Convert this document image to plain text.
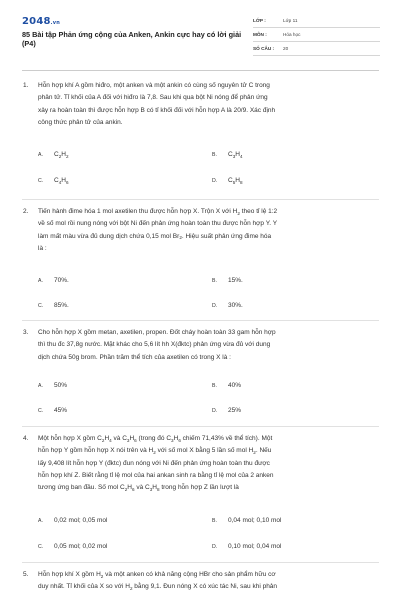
2048.vn
85 Bài tập Phản ứng cộng của Anken, Ankin cực hay có lời giải (P4)
LỚP :	Lớp 11
MÔN :	Hóa học
SỐ CÂU :	20
1. Hỗn hợp khí A gồm hiđro, một anken và một ankin có cùng số nguyên tử C trong
phân tử. Tỉ khối của A đối với hiđro là 7,8. Sau khi qua bột Ni nóng để phản ứng
xảy ra hoàn toàn thì được hỗn hợp B có tỉ khối đối với hỗn hợp A là 20/9. Xác định
công thức phân tử của ankin.
A. $C_2H_2$	B. $C_3H_4$
C. $C_4H_6$	D. $C_5H_8$
2. Tiến hành đime hóa 1 mol axetilen thu được hỗn hợp X. Trộn X với $H_2$ theo tỉ lệ 1:2
về số mol rồi nung nóng với bột Ni đến phản ứng hoàn toàn thu được hỗn hợp Y. Y
làm mất màu vừa đủ dung dịch chứa 0,15 mol $Br_2$. Hiệu suất phản ứng đime hóa
là :
A. 70%.	B. 15%.
C. 85%.	D. 30%.
3. Cho hỗn hợp X gồm metan, axetilen, propen. Đốt cháy hoàn toàn 33 gam hỗn hợp
thì thu đc 37,8g nước. Mặt khác cho 5,6 lít hh X(đktc) phản ứng vừa đủ với dung
dịch chứa 50g brom. Phần trăm thể tích của axetilen có trong X là :
A. 50%	B. 40%
C. 45%	D. 25%
4. Một hỗn hợp X gồm $C_2H_4$ và $C_3H_6$ (trong đó $C_3H_6$ chiếm 71,43% về thể tích). Một
hỗn hợp Y gồm hỗn hợp X nói trên và $H_2$ với số mol X bằng 5 lần số mol $H_2$. Nếu
lấy 9,408 lít hỗn hợp Y (đktc) đun nóng với Ni đến phản ứng hoàn toàn thu được
hỗn hợp khí Z. Biết rằng tỉ lệ mol của hai ankan sinh ra bằng tỉ lệ mol của 2 anken
tương ứng ban đầu. Số mol $C_2H_6$ và $C_3H_8$ trong hỗn hợp Z lần lượt là
A. 0,02 mol; 0,05 mol	B. 0,04 mol; 0,10 mol
C. 0,05 mol; 0,02 mol	D. 0,10 mol; 0,04 mol
5. Hỗn hợp khí X gồm $H_2$ và một anken có khả năng cộng HBr cho sản phẩm hữu cơ
duy nhất. Tỉ khối của X so với $H_2$ bằng 9,1. Đun nóng X có xúc tác Ni, sau khi phản
